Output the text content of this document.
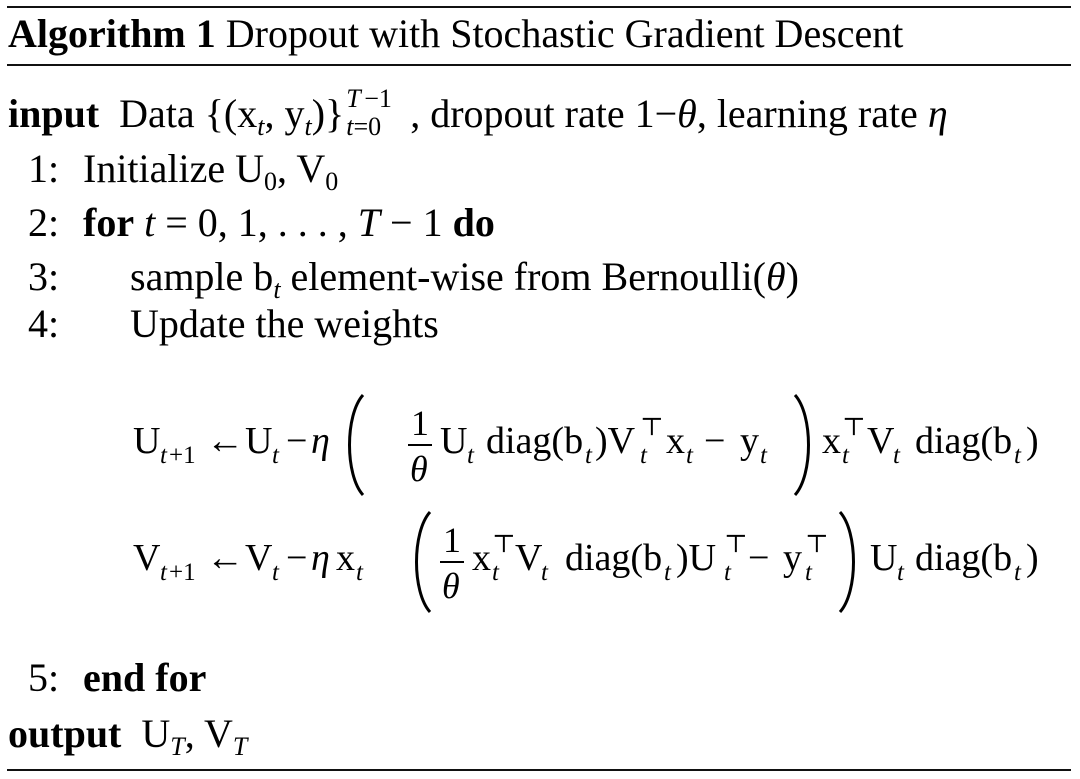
Algorithm 1 Dropout with Stochastic Gradient Descent
input Data {($x_t$, $y_t$)} T −1
t=0 , dropout rate 1−θ, learning rate η
1: Initialize $U_0$, $V_0$
2: for t = 0, 1, . . . , T − 1 do
3: sample $b_t$ element-wise from Bernoulli(θ)
4: Update the weights
U t +1 ← U t − η 1
θ
U t diag(b t )V t
⊤ x t − y t x t
⊤ V
t diag(b t )
V t +1 ← V t − η x t
1
θ
x t
⊤ V
t diag(b t )U t
⊤ − y t
⊤ U t diag(b t )
5: end for
output  $U_T$, $V_T$
